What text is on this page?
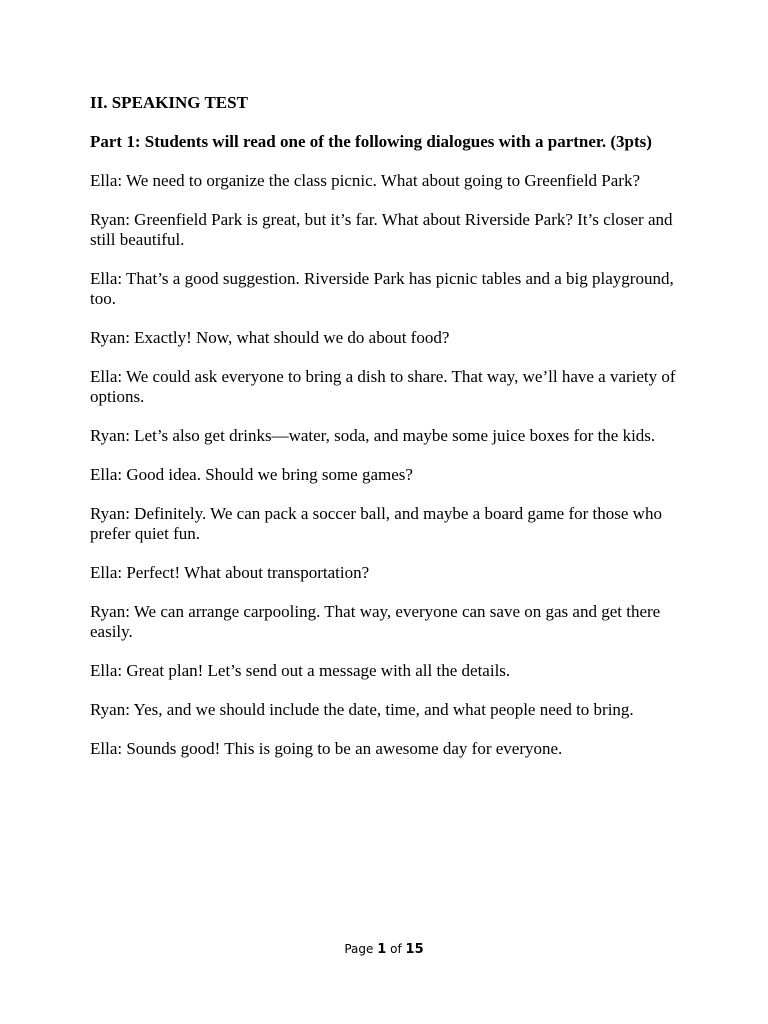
II. SPEAKING TEST
Part 1: Students will read one of the following dialogues with a partner. (3pts)
Ella: We need to organize the class picnic. What about going to Greenfield Park?
Ryan: Greenfield Park is great, but it’s far. What about Riverside Park? It’s closer and still beautiful.
Ella: That’s a good suggestion. Riverside Park has picnic tables and a big playground, too.
Ryan: Exactly! Now, what should we do about food?
Ella: We could ask everyone to bring a dish to share. That way, we’ll have a variety of options.
Ryan: Let’s also get drinks—water, soda, and maybe some juice boxes for the kids.
Ella: Good idea. Should we bring some games?
Ryan: Definitely. We can pack a soccer ball, and maybe a board game for those who prefer quiet fun.
Ella: Perfect! What about transportation?
Ryan: We can arrange carpooling. That way, everyone can save on gas and get there easily.
Ella: Great plan! Let’s send out a message with all the details.
Ryan: Yes, and we should include the date, time, and what people need to bring.
Ella: Sounds good! This is going to be an awesome day for everyone.
Page 1 of 15
